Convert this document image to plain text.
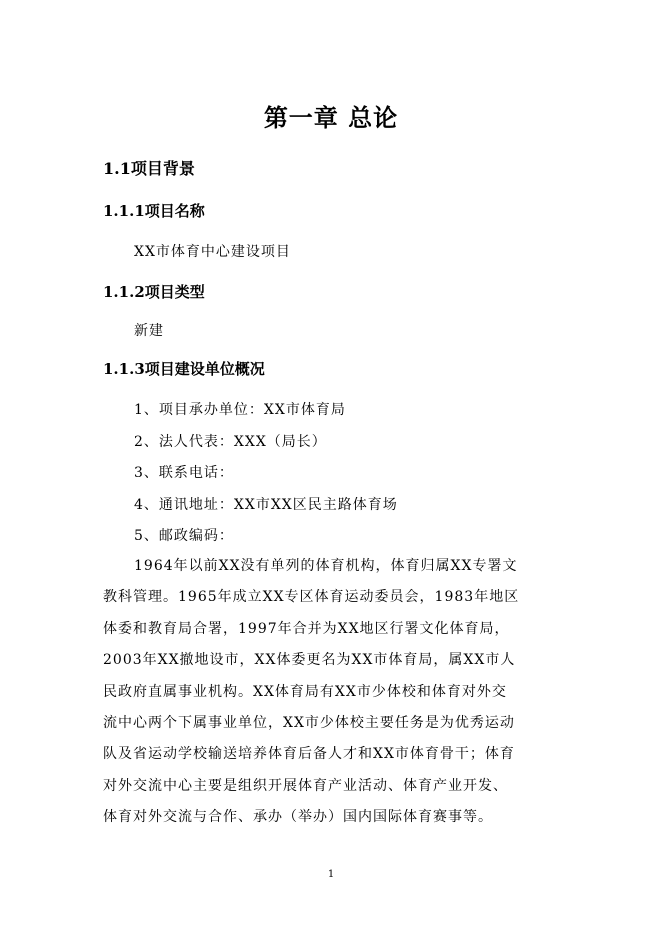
第一章 总论
1.1项目背景
1.1.1项目名称
XX市体育中心建设项目
1.1.2项目类型
新建
1.1.3项目建设单位概况
1、项目承办单位：XX市体育局
2、法人代表：XXX（局长）
3、联系电话：
4、通讯地址：XX市XX区民主路体育场
5、邮政编码：

1964年以前XX没有单列的体育机构，体育归属XX专署文
教科管理。1965年成立XX专区体育运动委员会，1983年地区
体委和教育局合署，1997年合并为XX地区行署文化体育局，
2003年XX撤地设市，XX体委更名为XX市体育局，属XX市人
民政府直属事业机构。XX体育局有XX市少体校和体育对外交
流中心两个下属事业单位，XX市少体校主要任务是为优秀运动
队及省运动学校输送培养体育后备人才和XX市体育骨干；体育
对外交流中心主要是组织开展体育产业活动、体育产业开发、
体育对外交流与合作、承办（举办）国内国际体育赛事等。

1
